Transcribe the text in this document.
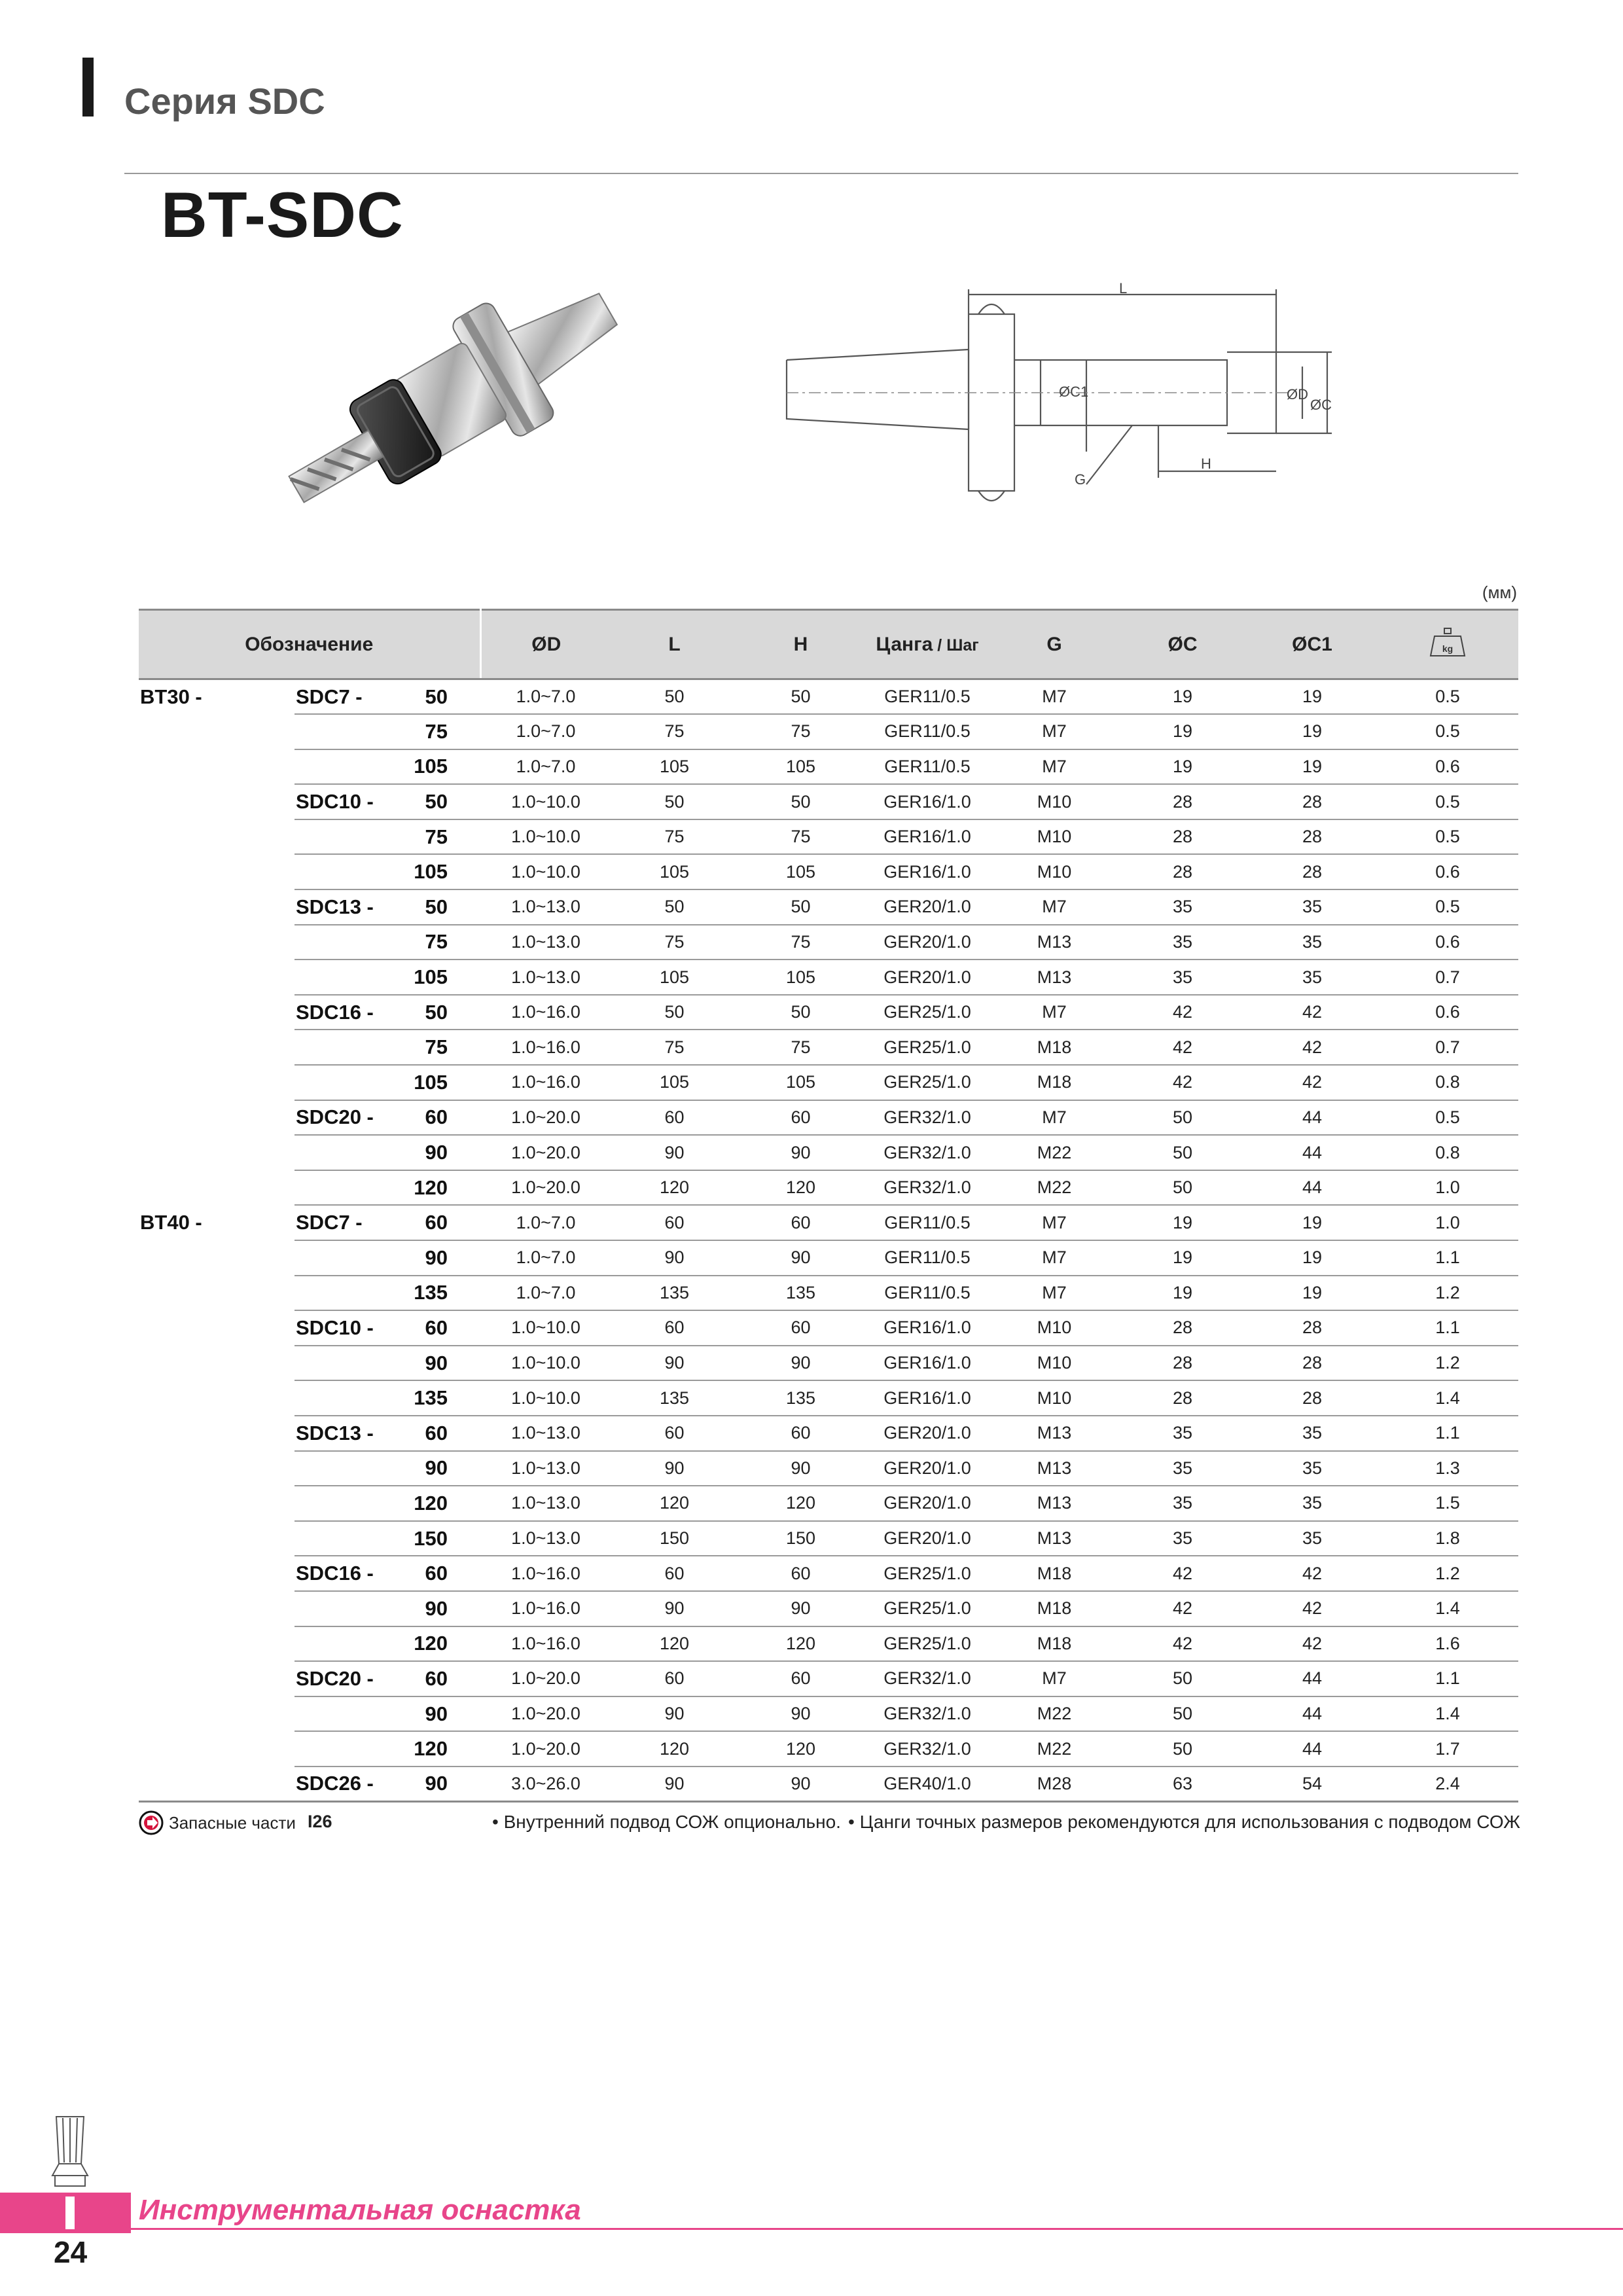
Серия SDC
BT-SDC
L
ØD
ØC
ØC1
G
H
(мм)
Обозначение			ØD	L	H	Цанга / Шаг	G	ØC	ØC1	kg

BT30 -	SDC7 -	50	1.0~7.0	50	50	GER11/0.5	M7	19	19	0.5
		75	1.0~7.0	75	75	GER11/0.5	M7	19	19	0.5
		105	1.0~7.0	105	105	GER11/0.5	M7	19	19	0.6
	SDC10 -	50	1.0~10.0	50	50	GER16/1.0	M10	28	28	0.5
		75	1.0~10.0	75	75	GER16/1.0	M10	28	28	0.5
		105	1.0~10.0	105	105	GER16/1.0	M10	28	28	0.6
	SDC13 -	50	1.0~13.0	50	50	GER20/1.0	M7	35	35	0.5
		75	1.0~13.0	75	75	GER20/1.0	M13	35	35	0.6
		105	1.0~13.0	105	105	GER20/1.0	M13	35	35	0.7
	SDC16 -	50	1.0~16.0	50	50	GER25/1.0	M7	42	42	0.6
		75	1.0~16.0	75	75	GER25/1.0	M18	42	42	0.7
		105	1.0~16.0	105	105	GER25/1.0	M18	42	42	0.8
	SDC20 -	60	1.0~20.0	60	60	GER32/1.0	M7	50	44	0.5
		90	1.0~20.0	90	90	GER32/1.0	M22	50	44	0.8
		120	1.0~20.0	120	120	GER32/1.0	M22	50	44	1.0
BT40 -	SDC7 -	60	1.0~7.0	60	60	GER11/0.5	M7	19	19	1.0
		90	1.0~7.0	90	90	GER11/0.5	M7	19	19	1.1
		135	1.0~7.0	135	135	GER11/0.5	M7	19	19	1.2
	SDC10 -	60	1.0~10.0	60	60	GER16/1.0	M10	28	28	1.1
		90	1.0~10.0	90	90	GER16/1.0	M10	28	28	1.2
		135	1.0~10.0	135	135	GER16/1.0	M10	28	28	1.4
	SDC13 -	60	1.0~13.0	60	60	GER20/1.0	M13	35	35	1.1
		90	1.0~13.0	90	90	GER20/1.0	M13	35	35	1.3
		120	1.0~13.0	120	120	GER20/1.0	M13	35	35	1.5
		150	1.0~13.0	150	150	GER20/1.0	M13	35	35	1.8
	SDC16 -	60	1.0~16.0	60	60	GER25/1.0	M18	42	42	1.2
		90	1.0~16.0	90	90	GER25/1.0	M18	42	42	1.4
		120	1.0~16.0	120	120	GER25/1.0	M18	42	42	1.6
	SDC20 -	60	1.0~20.0	60	60	GER32/1.0	M7	50	44	1.1
		90	1.0~20.0	90	90	GER32/1.0	M22	50	44	1.4
		120	1.0~20.0	120	120	GER32/1.0	M22	50	44	1.7
	SDC26 -	90	3.0~26.0	90	90	GER40/1.0	M28	63	54	2.4
Запасные части I26	• Внутренний подвод СОЖ опционально. • Цанги точных размеров рекомендуются для использования с подводом СОЖ
Инструментальная оснастка
24
